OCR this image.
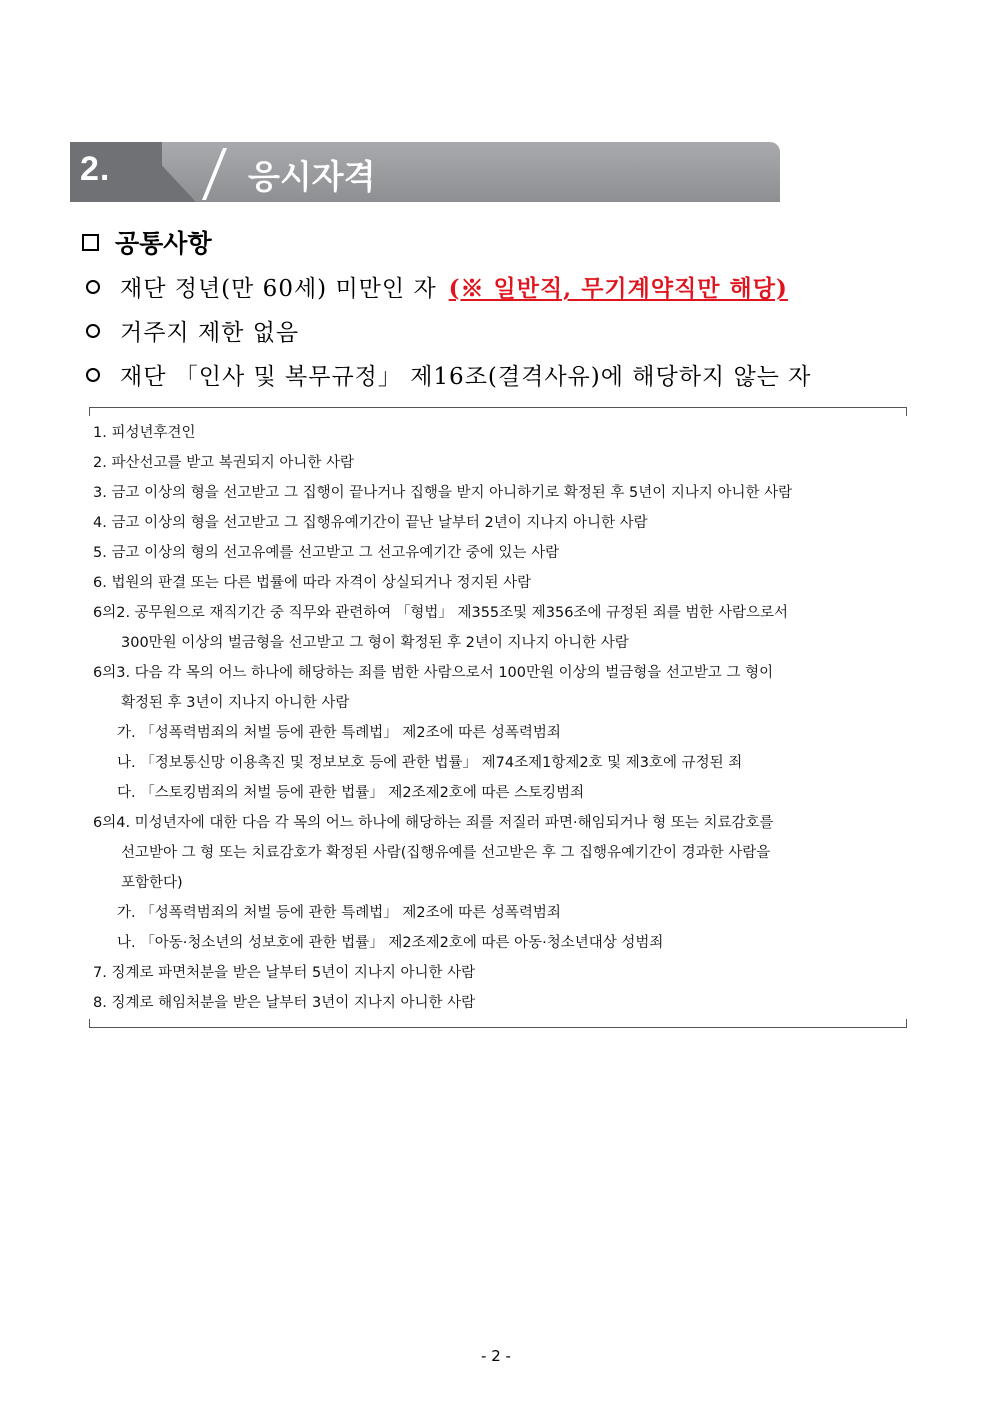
2.	응시자격
공통사항
재단 정년(만 60세) 미만인 자 (※ 일반직, 무기계약직만 해당)
거주지 제한 없음
재단 「인사 및 복무규정」 제16조(결격사유)에 해당하지 않는 자
1. 피성년후견인
2. 파산선고를 받고 복권되지 아니한 사람
3. 금고 이상의 형을 선고받고 그 집행이 끝나거나 집행을 받지 아니하기로 확정된 후 5년이 지나지 아니한 사람
4. 금고 이상의 형을 선고받고 그 집행유예기간이 끝난 날부터 2년이 지나지 아니한 사람
5. 금고 이상의 형의 선고유예를 선고받고 그 선고유예기간 중에 있는 사람
6. 법원의 판결 또는 다른 법률에 따라 자격이 상실되거나 정지된 사람
6의2. 공무원으로 재직기간 중 직무와 관련하여 「형법」 제355조및 제356조에 규정된 죄를 범한 사람으로서
300만원 이상의 벌금형을 선고받고 그 형이 확정된 후 2년이 지나지 아니한 사람
6의3. 다음 각 목의 어느 하나에 해당하는 죄를 범한 사람으로서 100만원 이상의 벌금형을 선고받고 그 형이
확정된 후 3년이 지나지 아니한 사람
가. 「성폭력범죄의 처벌 등에 관한 특례법」 제2조에 따른 성폭력범죄
나. 「정보통신망 이용촉진 및 정보보호 등에 관한 법률」 제74조제1항제2호 및 제3호에 규정된 죄
다. 「스토킹범죄의 처벌 등에 관한 법률」 제2조제2호에 따른 스토킹범죄
6의4. 미성년자에 대한 다음 각 목의 어느 하나에 해당하는 죄를 저질러 파면·해임되거나 형 또는 치료감호를
선고받아 그 형 또는 치료감호가 확정된 사람(집행유예를 선고받은 후 그 집행유예기간이 경과한 사람을
포함한다)
가. 「성폭력범죄의 처벌 등에 관한 특례법」 제2조에 따른 성폭력범죄
나. 「아동·청소년의 성보호에 관한 법률」 제2조제2호에 따른 아동·청소년대상 성범죄
7. 징계로 파면처분을 받은 날부터 5년이 지나지 아니한 사람
8. 징계로 해임처분을 받은 날부터 3년이 지나지 아니한 사람
- 2 -
